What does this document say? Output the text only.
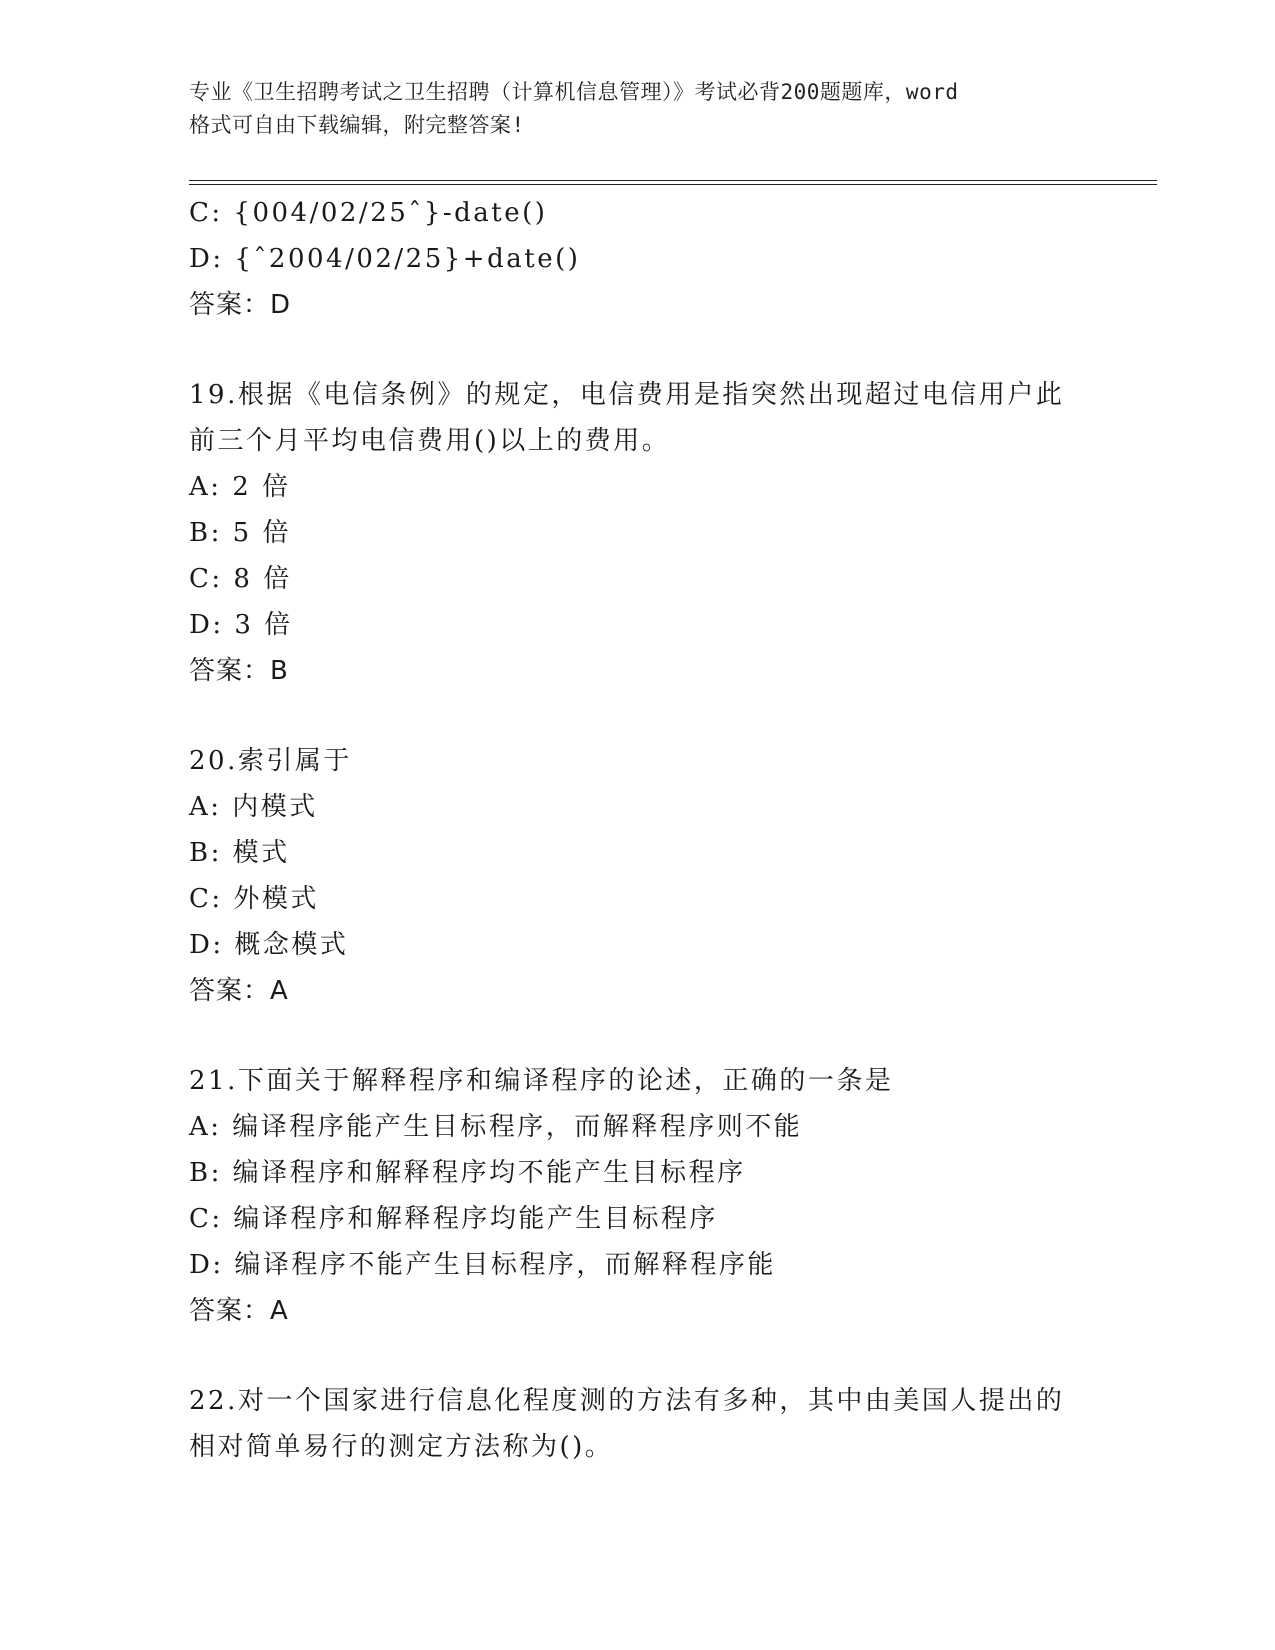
专业《卫生招聘考试之卫生招聘（计算机信息管理）》考试必背200题题库，word
格式可自由下载编辑，附完整答案!
C: {004/02/25ˆ}-date()
D: {ˆ2004/02/25}+date()
答案：D
19.根据《电信条例》的规定，电信费用是指突然出现超过电信用户此
前三个月平均电信费用()以上的费用。
A: 2 倍
B: 5 倍
C: 8 倍
D: 3 倍
答案：B
20.索引属于
A: 内模式
B: 模式
C: 外模式
D: 概念模式
答案：A
21.下面关于解释程序和编译程序的论述，正确的一条是
A: 编译程序能产生目标程序，而解释程序则不能
B: 编译程序和解释程序均不能产生目标程序
C: 编译程序和解释程序均能产生目标程序
D: 编译程序不能产生目标程序，而解释程序能
答案：A
22.对一个国家进行信息化程度测的方法有多种，其中由美国人提出的
相对简单易行的测定方法称为()。
